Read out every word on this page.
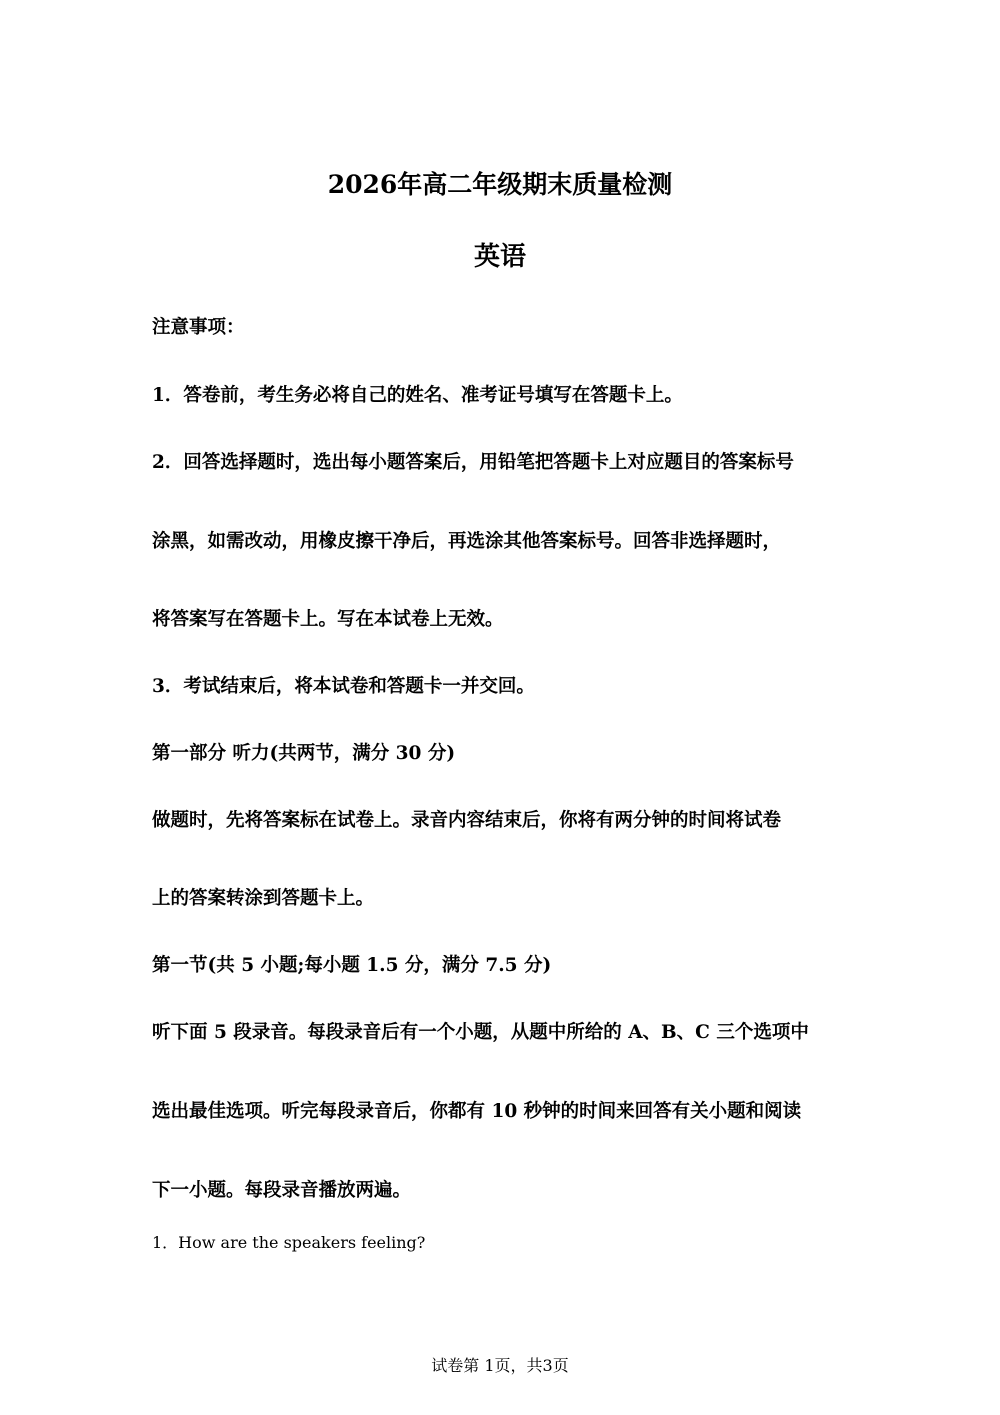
2026年高二年级期末质量检测
英语
注意事项：
1．答卷前，考生务必将自己的姓名、准考证号填写在答题卡上。
2．回答选择题时，选出每小题答案后，用铅笔把答题卡上对应题目的答案标号
涂黑，如需改动，用橡皮擦干净后，再选涂其他答案标号。回答非选择题时，
将答案写在答题卡上。写在本试卷上无效。
3．考试结束后，将本试卷和答题卡一并交回。
第一部分 听力(共两节，满分 30 分)
做题时，先将答案标在试卷上。录音内容结束后，你将有两分钟的时间将试卷
上的答案转涂到答题卡上。
第一节(共 5 小题;每小题 1.5 分，满分 7.5 分)
听下面 5 段录音。每段录音后有一个小题，从题中所给的 A、B、C 三个选项中
选出最佳选项。听完每段录音后，你都有 10 秒钟的时间来回答有关小题和阅读
下一小题。每段录音播放两遍。
1．How are the speakers feeling?
试卷第 1页，共3页
